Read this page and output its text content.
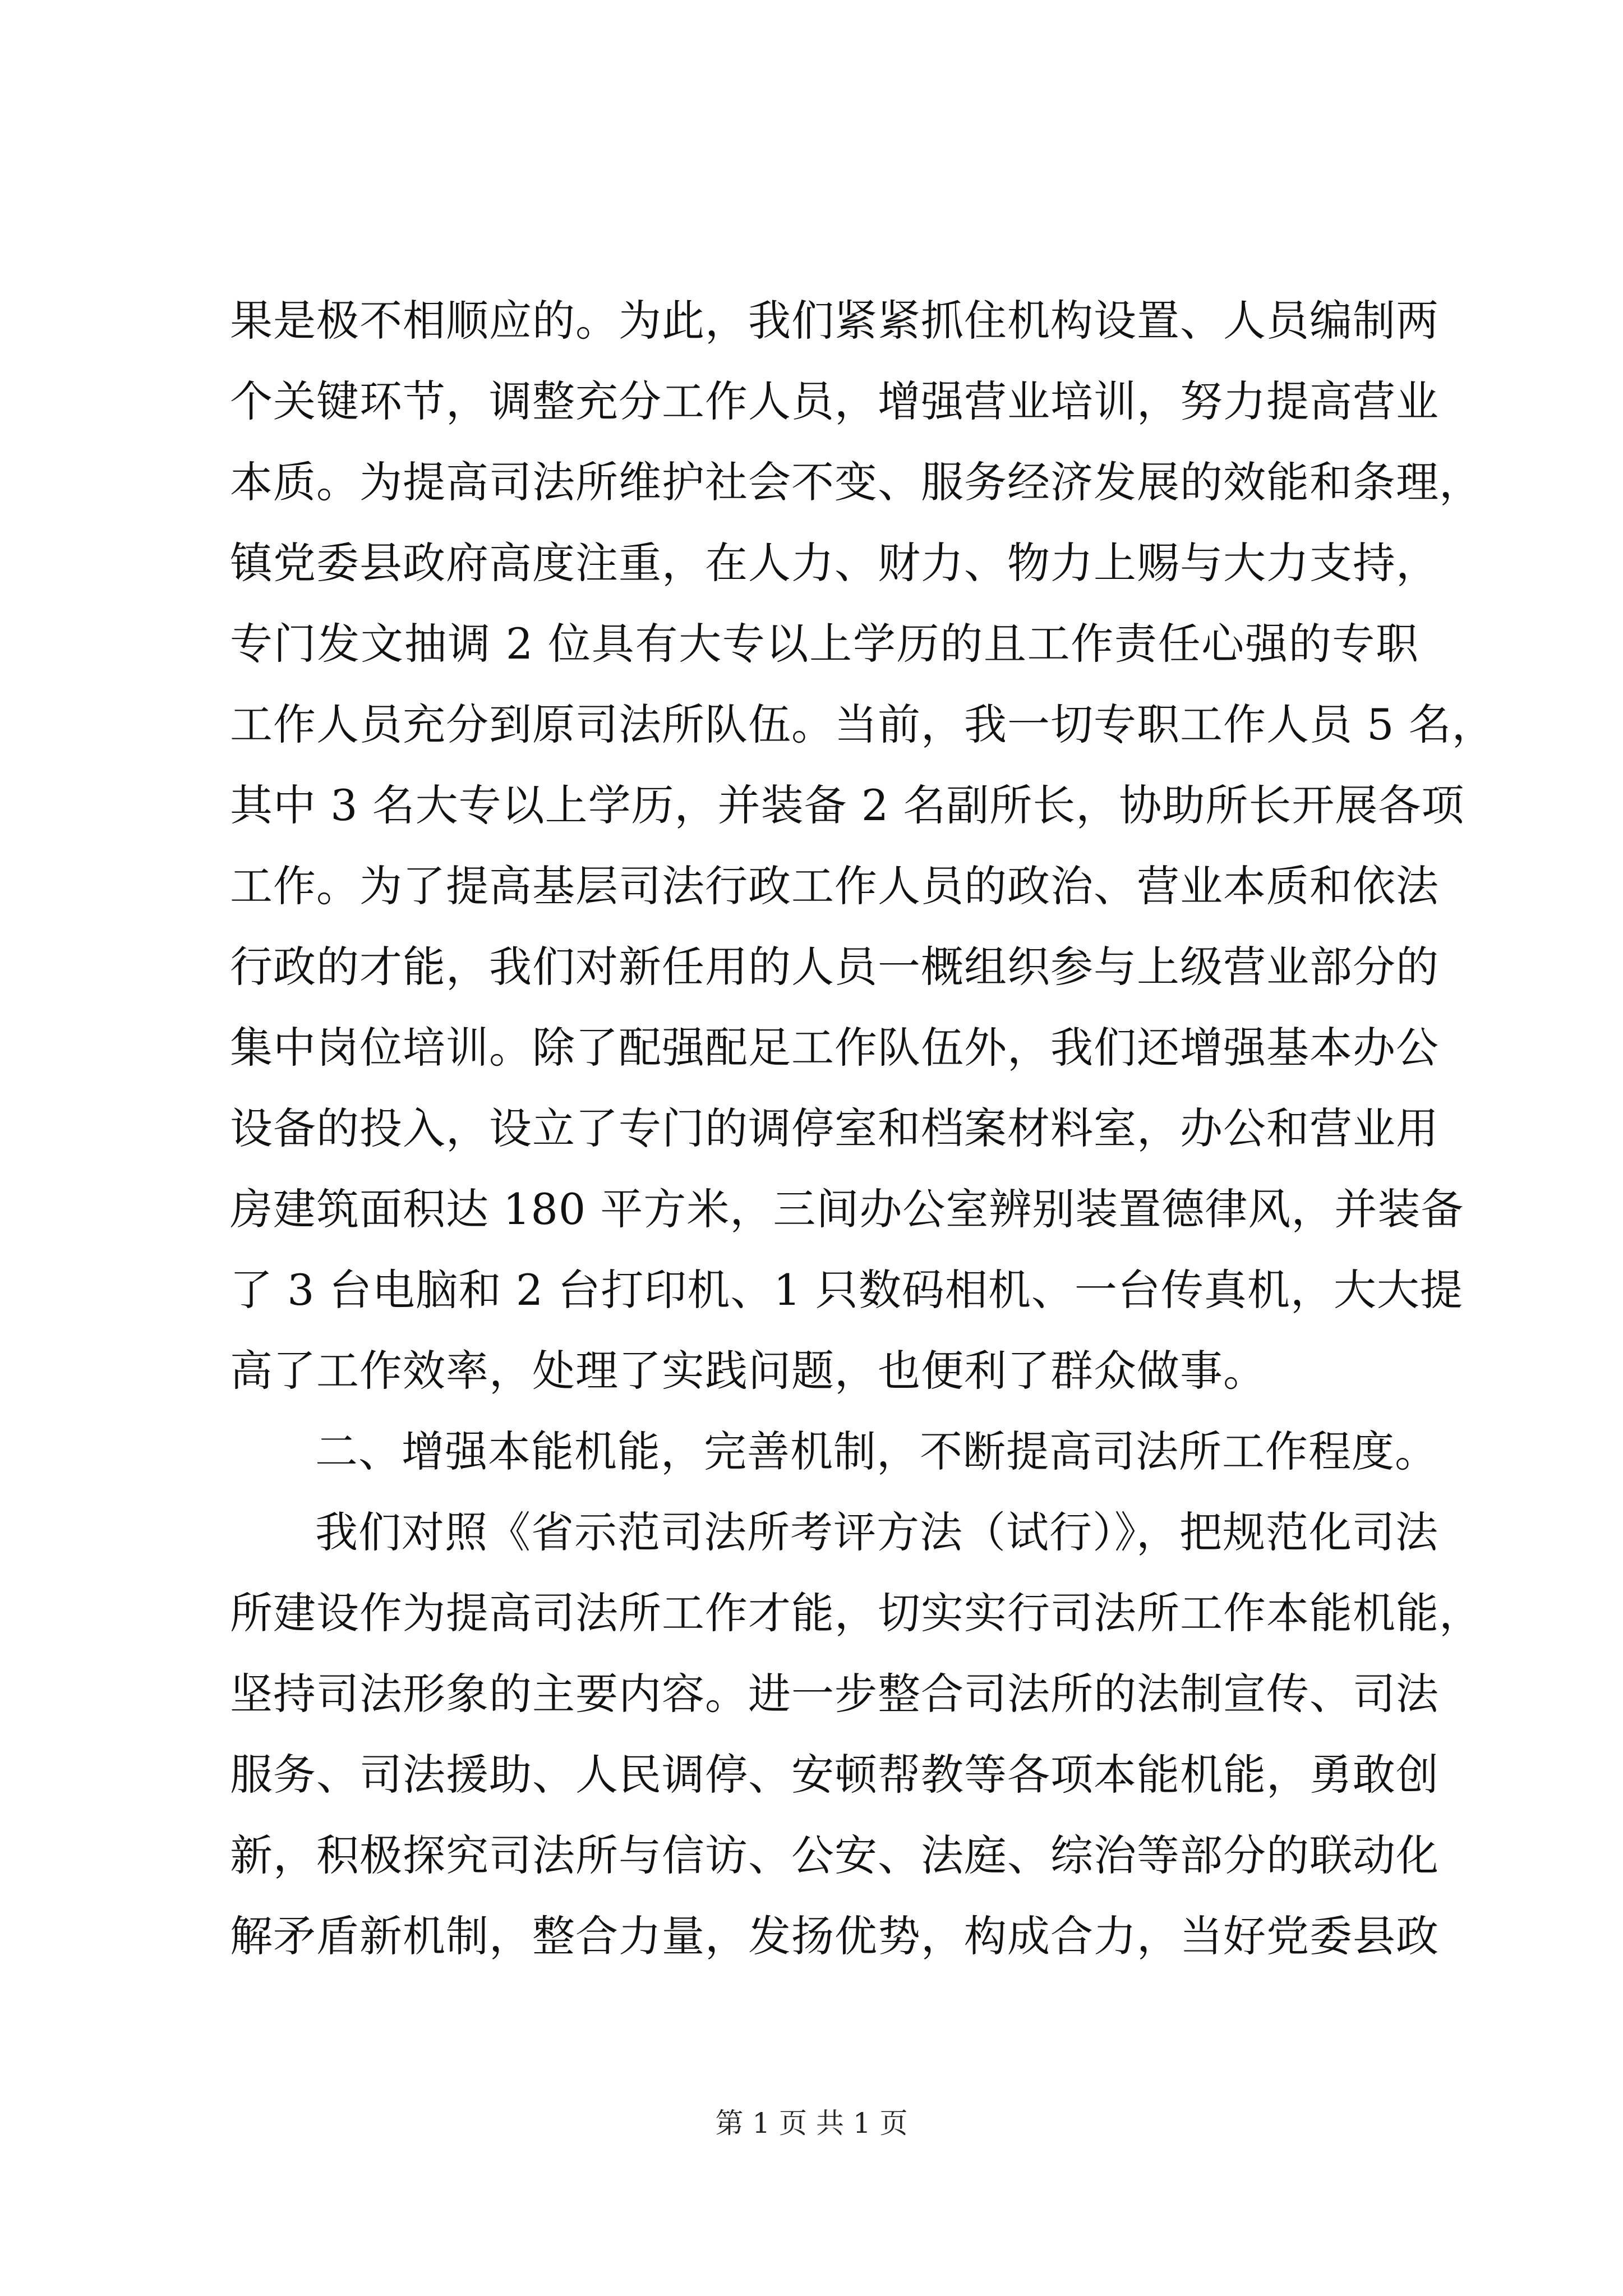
果是极不相顺应的。为此，我们紧紧抓住机构设置、人员编制两
个关键环节，调整充分工作人员，增强营业培训，努力提高营业
本质。为提高司法所维护社会不变、服务经济发展的效能和条理，
镇党委县政府高度注重，在人力、财力、物力上赐与大力支持，
专门发文抽调 2 位具有大专以上学历的且工作责任心强的专职
工作人员充分到原司法所队伍。当前，我一切专职工作人员 5 名，
其中 3 名大专以上学历，并装备 2 名副所长，协助所长开展各项
工作。为了提高基层司法行政工作人员的政治、营业本质和依法
行政的才能，我们对新任用的人员一概组织参与上级营业部分的
集中岗位培训。除了配强配足工作队伍外，我们还增强基本办公
设备的投入，设立了专门的调停室和档案材料室，办公和营业用
房建筑面积达 180 平方米，三间办公室辨别装置德律风，并装备
了 3 台电脑和 2 台打印机、1 只数码相机、一台传真机，大大提
高了工作效率，处理了实践问题，也便利了群众做事。
二、增强本能机能，完善机制，不断提高司法所工作程度。
我们对照《省示范司法所考评方法（试行）》，把规范化司法
所建设作为提高司法所工作才能，切实实行司法所工作本能机能，
坚持司法形象的主要内容。进一步整合司法所的法制宣传、司法
服务、司法援助、人民调停、安顿帮教等各项本能机能，勇敢创
新，积极探究司法所与信访、公安、法庭、综治等部分的联动化
解矛盾新机制，整合力量，发扬优势，构成合力，当好党委县政
第 1 页 共 1 页
